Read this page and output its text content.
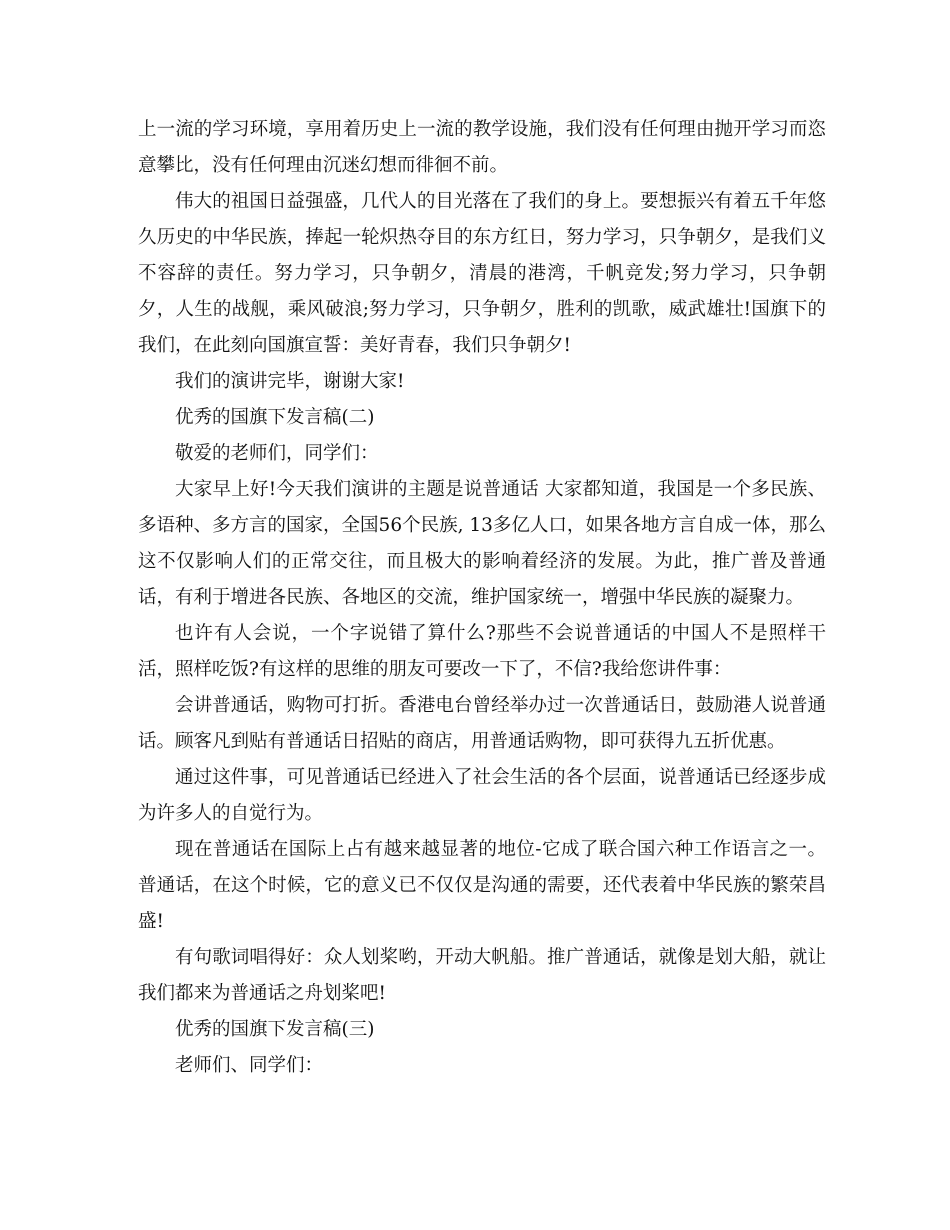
上一流的学习环境，享用着历史上一流的教学设施，我们没有任何理由抛开学习而恣意攀比，没有任何理由沉迷幻想而徘徊不前。

伟大的祖国日益强盛，几代人的目光落在了我们的身上。要想振兴有着五千年悠久历史的中华民族，捧起一轮炽热夺目的东方红日，努力学习，只争朝夕，是我们义不容辞的责任。努力学习，只争朝夕，清晨的港湾，千帆竞发;努力学习，只争朝夕，人生的战舰，乘风破浪;努力学习，只争朝夕，胜利的凯歌，威武雄壮!国旗下的我们，在此刻向国旗宣誓：美好青春，我们只争朝夕!

我们的演讲完毕，谢谢大家!

优秀的国旗下发言稿(二)

敬爱的老师们，同学们：

大家早上好!今天我们演讲的主题是说普通话 大家都知道，我国是一个多民族、多语种、多方言的国家，全国56个民族, 13多亿人口，如果各地方言自成一体，那么这不仅影响人们的正常交往，而且极大的影响着经济的发展。为此，推广普及普通话，有利于增进各民族、各地区的交流，维护国家统一，增强中华民族的凝聚力。

也许有人会说，一个字说错了算什么?那些不会说普通话的中国人不是照样干活，照样吃饭?有这样的思维的朋友可要改一下了，不信?我给您讲件事：

会讲普通话，购物可打折。香港电台曾经举办过一次普通话日，鼓励港人说普通话。顾客凡到贴有普通话日招贴的商店，用普通话购物，即可获得九五折优惠。

通过这件事，可见普通话已经进入了社会生活的各个层面，说普通话已经逐步成为许多人的自觉行为。

现在普通话在国际上占有越来越显著的地位-它成了联合国六种工作语言之一。普通话，在这个时候，它的意义已不仅仅是沟通的需要，还代表着中华民族的繁荣昌盛!

有句歌词唱得好：众人划桨哟，开动大帆船。推广普通话，就像是划大船，就让我们都来为普通话之舟划桨吧!

优秀的国旗下发言稿(三)

老师们、同学们：
